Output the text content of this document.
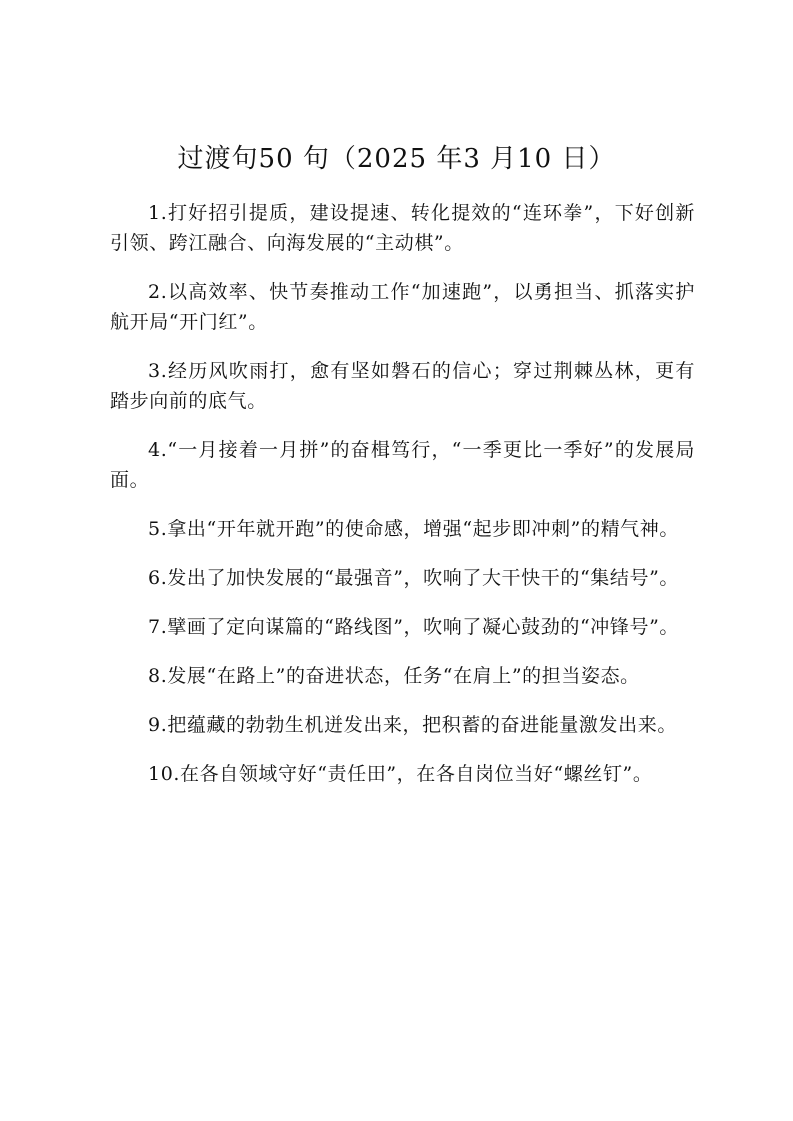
过渡句50 句（2025 年3 月10 日）

1.打好招引提质，建设提速、转化提效的“连环拳”，下好创新引领、跨江融合、向海发展的“主动棋”。

2.以高效率、快节奏推动工作“加速跑”，以勇担当、抓落实护航开局“开门红”。

3.经历风吹雨打，愈有坚如磐石的信心；穿过荆棘丛林，更有踏步向前的底气。

4.“一月接着一月拼”的奋楫笃行，“一季更比一季好”的发展局面。

5.拿出“开年就开跑”的使命感，增强“起步即冲刺”的精气神。

6.发出了加快发展的“最强音”，吹响了大干快干的“集结号”。

7.擘画了定向谋篇的“路线图”，吹响了凝心鼓劲的“冲锋号”。

8.发展“在路上”的奋进状态，任务“在肩上”的担当姿态。

9.把蕴藏的勃勃生机迸发出来，把积蓄的奋进能量激发出来。

10.在各自领域守好“责任田”，在各自岗位当好“螺丝钉”。
